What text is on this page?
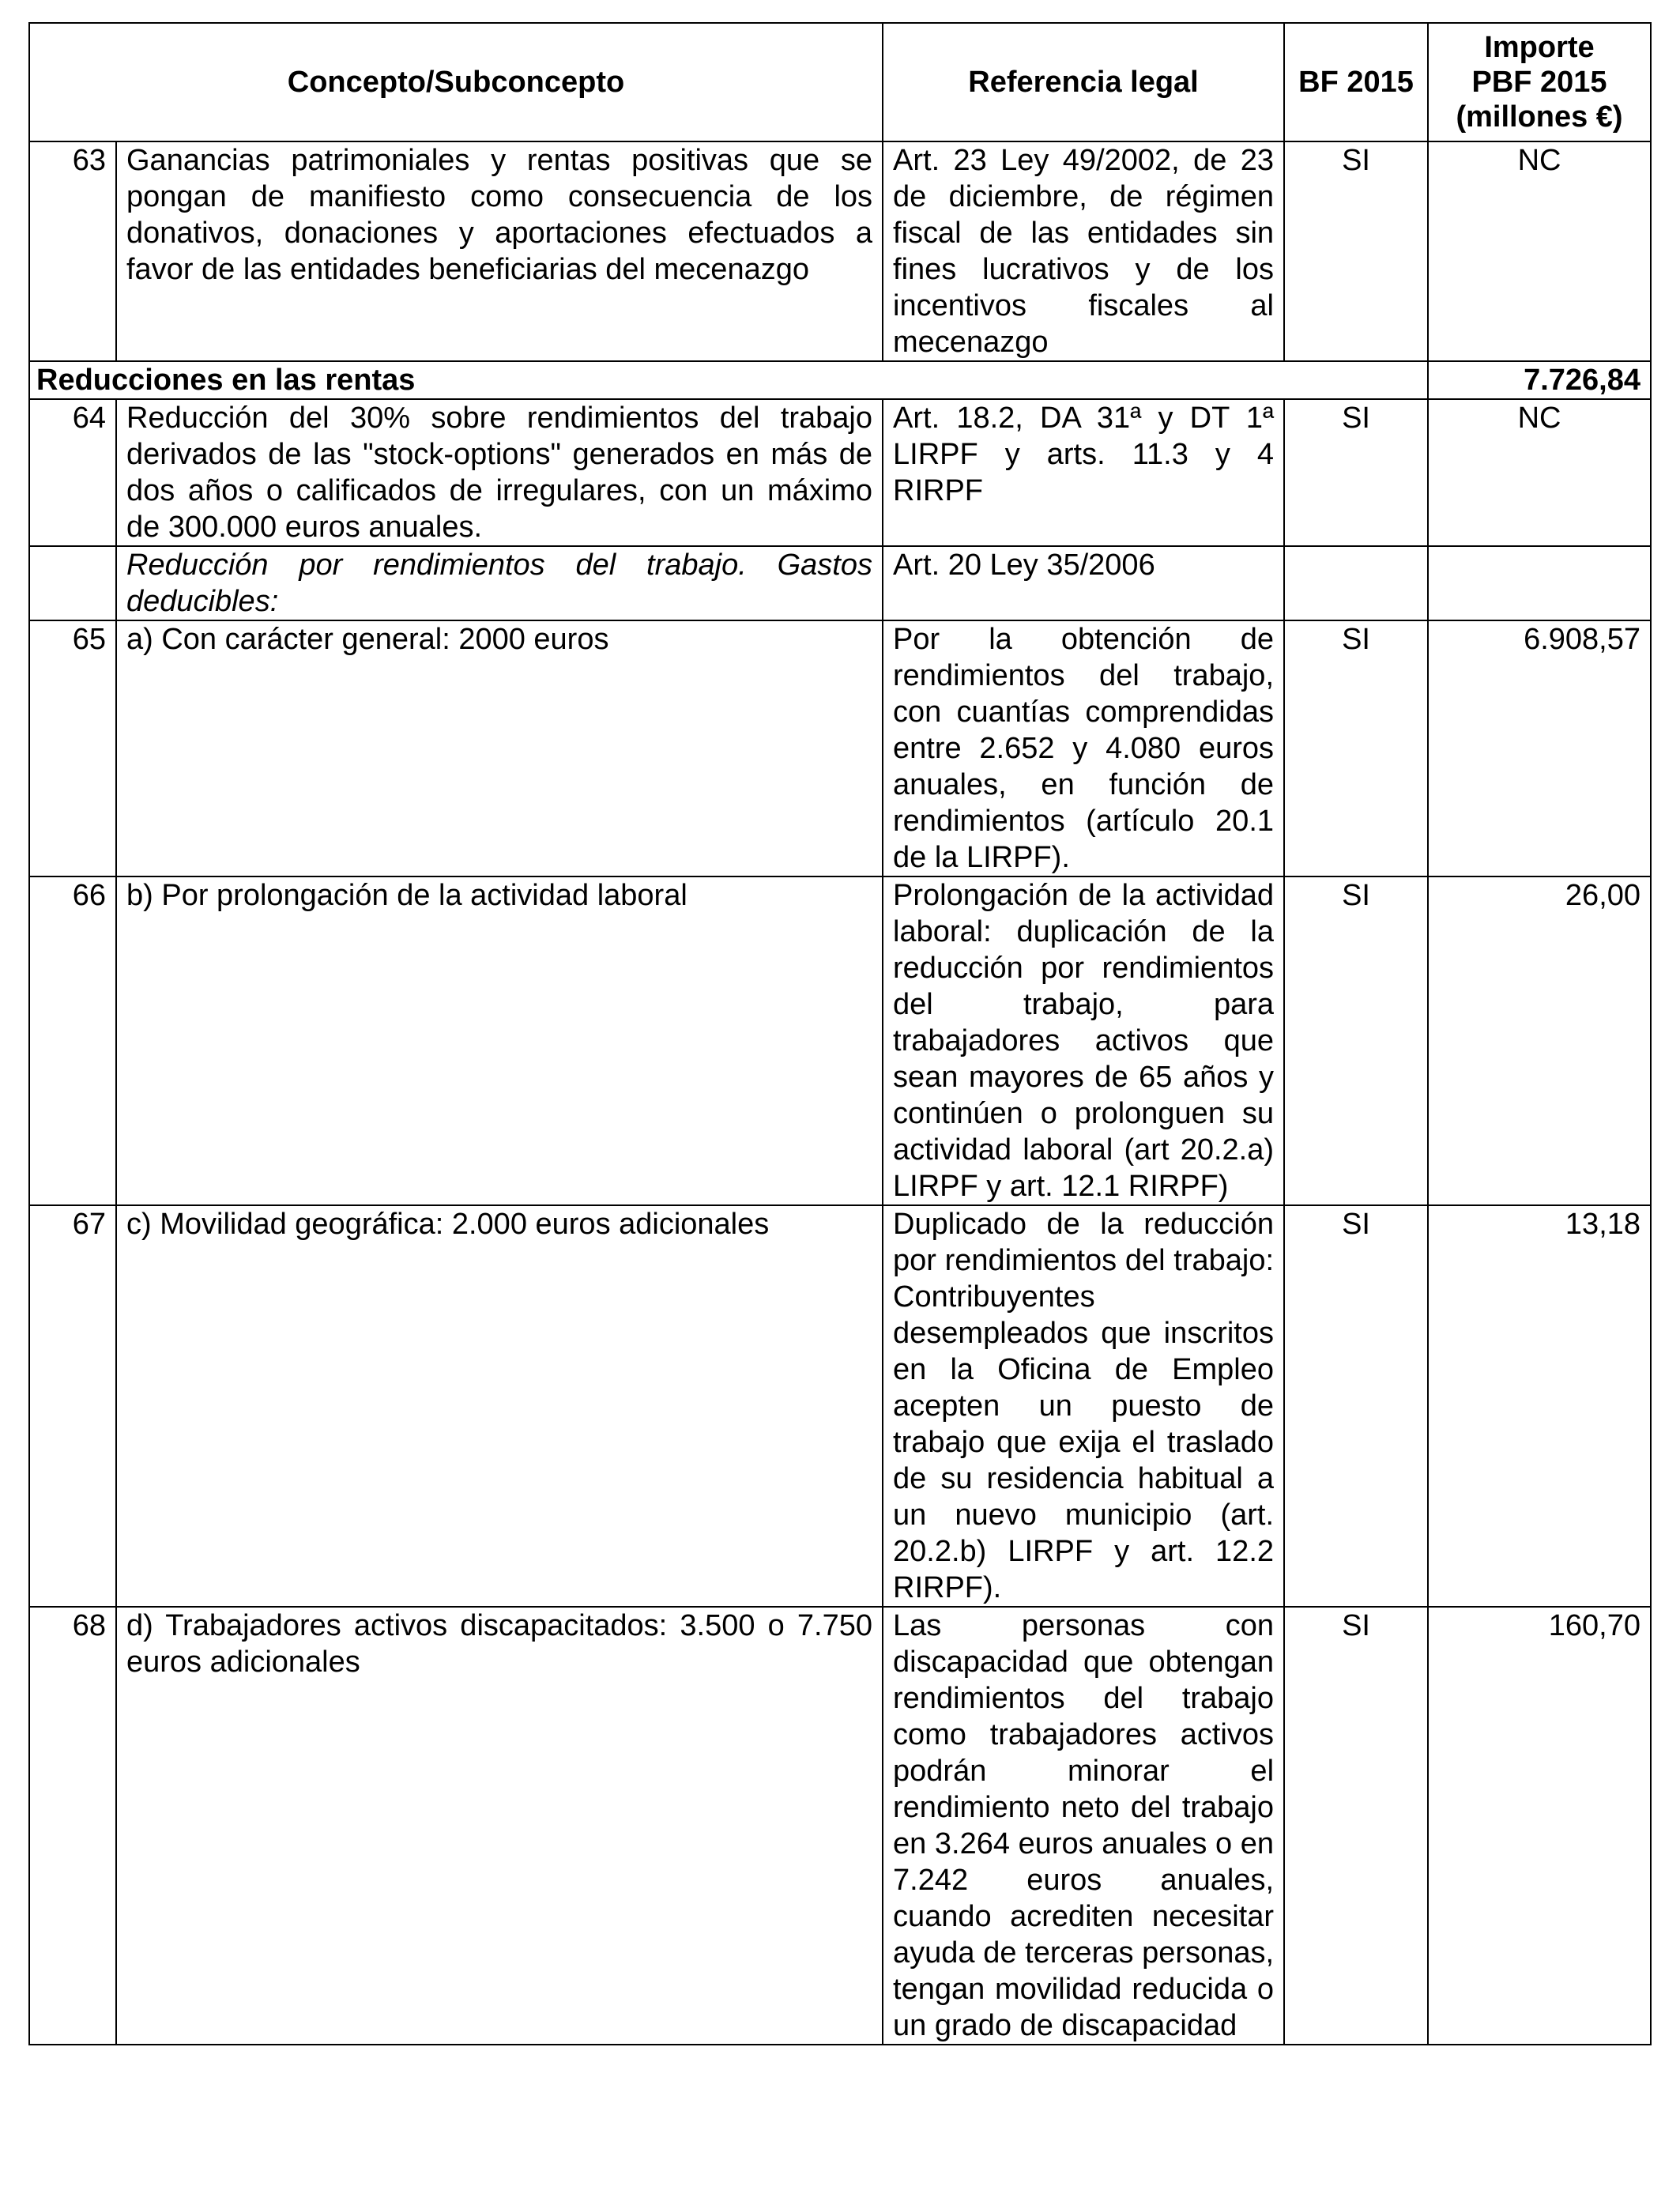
Concepto/Subconcepto		Referencia legal	BF 2015	Importe
PBF 2015
(millones €)

63	Ganancias patrimoniales y rentas positivas que se pongan de manifiesto como consecuencia de los donativos, donaciones y aportaciones efectuados a favor de las entidades beneficiarias del mecenazgo	Art. 23 Ley 49/2002, de 23 de diciembre, de régimen fiscal de las entidades sin fines lucrativos y de los incentivos fiscales al mecenazgo	SI	NC
Reducciones en las rentas				7.726,84
64	Reducción del 30% sobre rendimientos del trabajo derivados de las "stock-options" generados en más de dos años o calificados de irregulares, con un máximo de 300.000 euros anuales.	Art. 18.2, DA 31ª y DT 1ª LIRPF y arts. 11.3 y 4 RIRPF	SI	NC
	Reducción por rendimientos del trabajo. Gastos deducibles:	Art. 20 Ley 35/2006		
65	a) Con carácter general: 2000 euros	Por la obtención de rendimientos del trabajo, con cuantías comprendidas entre 2.652 y 4.080 euros anuales, en función de rendimientos (artículo 20.1 de la LIRPF).	SI	6.908,57
66	b) Por prolongación de la actividad laboral	Prolongación de la actividad laboral: duplicación de la reducción por rendimientos del trabajo, para trabajadores activos que sean mayores de 65 años y continúen o prolonguen su actividad laboral (art 20.2.a) LIRPF y art. 12.1 RIRPF)	SI	26,00
67	c) Movilidad geográfica: 2.000 euros adicionales	Duplicado de la reducción por rendimientos del trabajo: Contribuyentes desempleados que inscritos en la Oficina de Empleo acepten un puesto de trabajo que exija el traslado de su residencia habitual a un nuevo municipio (art. 20.2.b) LIRPF y art. 12.2 RIRPF).	SI	13,18
68	d) Trabajadores activos discapacitados: 3.500 o 7.750 euros adicionales	Las personas con discapacidad que obtengan rendimientos del trabajo como trabajadores activos podrán minorar el rendimiento neto del trabajo en 3.264 euros anuales o en 7.242 euros anuales, cuando acrediten necesitar ayuda de terceras personas, tengan movilidad reducida o un grado de discapacidad	SI	160,70
